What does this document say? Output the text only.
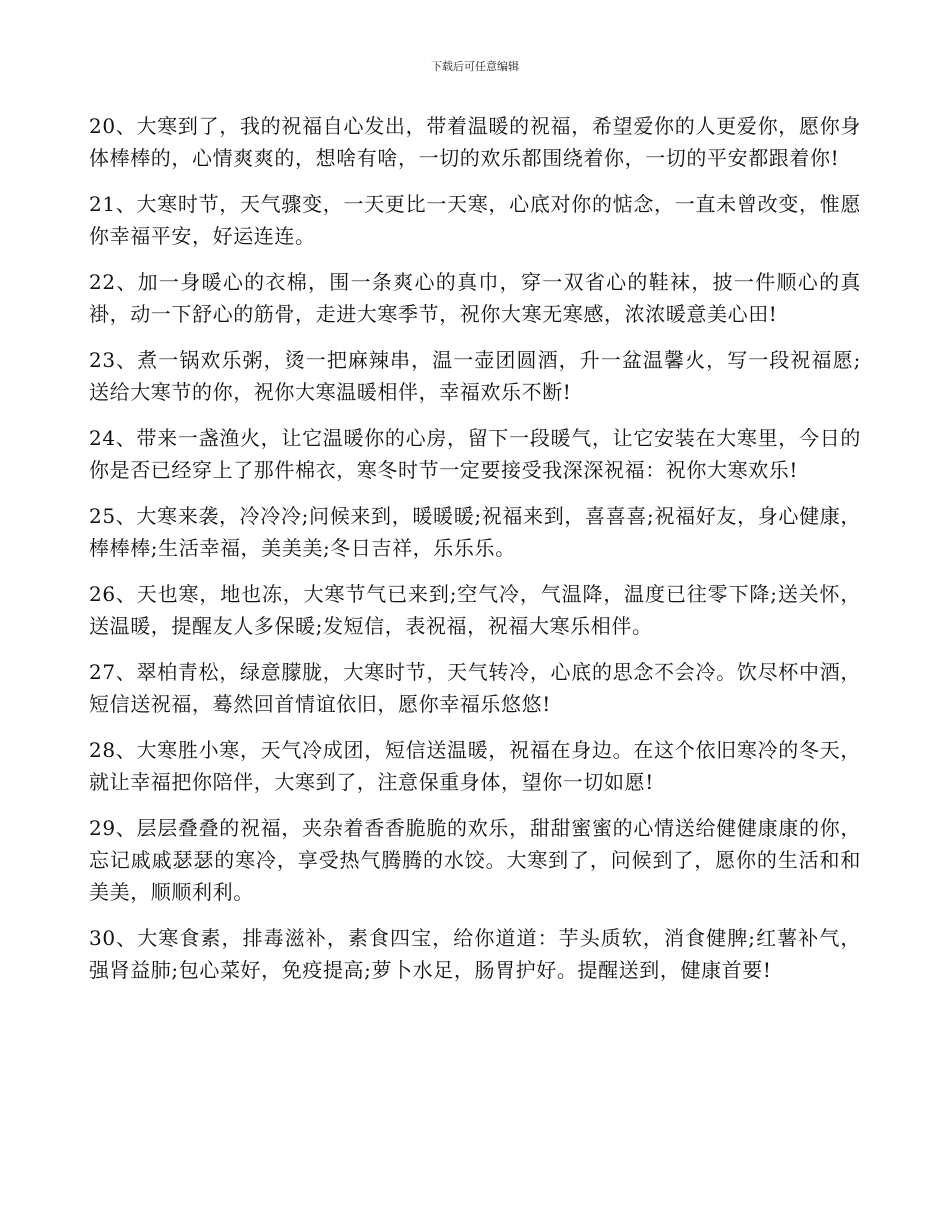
下载后可任意编辑

20、大寒到了，我的祝福自心发出，带着温暖的祝福，希望爱你的人更爱你，愿你身体棒棒的，心情爽爽的，想啥有啥，一切的欢乐都围绕着你，一切的平安都跟着你!

21、大寒时节，天气骤变，一天更比一天寒，心底对你的惦念，一直未曾改变，惟愿你幸福平安，好运连连。

22、加一身暖心的衣棉，围一条爽心的真巾，穿一双省心的鞋袜，披一件顺心的真褂，动一下舒心的筋骨，走进大寒季节，祝你大寒无寒感，浓浓暖意美心田!

23、煮一锅欢乐粥，烫一把麻辣串，温一壶团圆酒，升一盆温馨火，写一段祝福愿;送给大寒节的你，祝你大寒温暖相伴，幸福欢乐不断!

24、带来一盏渔火，让它温暖你的心房，留下一段暖气，让它安装在大寒里，今日的你是否已经穿上了那件棉衣，寒冬时节一定要接受我深深祝福：祝你大寒欢乐!

25、大寒来袭，冷冷冷;问候来到，暖暖暖;祝福来到，喜喜喜;祝福好友，身心健康，棒棒棒;生活幸福，美美美;冬日吉祥，乐乐乐。

26、天也寒，地也冻，大寒节气已来到;空气冷，气温降，温度已往零下降;送关怀，送温暖，提醒友人多保暖;发短信，表祝福，祝福大寒乐相伴。

27、翠柏青松，绿意朦胧，大寒时节，天气转冷，心底的思念不会冷。饮尽杯中酒，短信送祝福，蓦然回首情谊依旧，愿你幸福乐悠悠!

28、大寒胜小寒，天气冷成团，短信送温暖，祝福在身边。在这个依旧寒冷的冬天，就让幸福把你陪伴，大寒到了，注意保重身体，望你一切如愿!

29、层层叠叠的祝福，夹杂着香香脆脆的欢乐，甜甜蜜蜜的心情送给健健康康的你，忘记戚戚瑟瑟的寒冷，享受热气腾腾的水饺。大寒到了，问候到了，愿你的生活和和美美，顺顺利利。

30、大寒食素，排毒滋补，素食四宝，给你道道：芋头质软，消食健脾;红薯补气，强肾益肺;包心菜好，免疫提高;萝卜水足，肠胃护好。提醒送到，健康首要!
